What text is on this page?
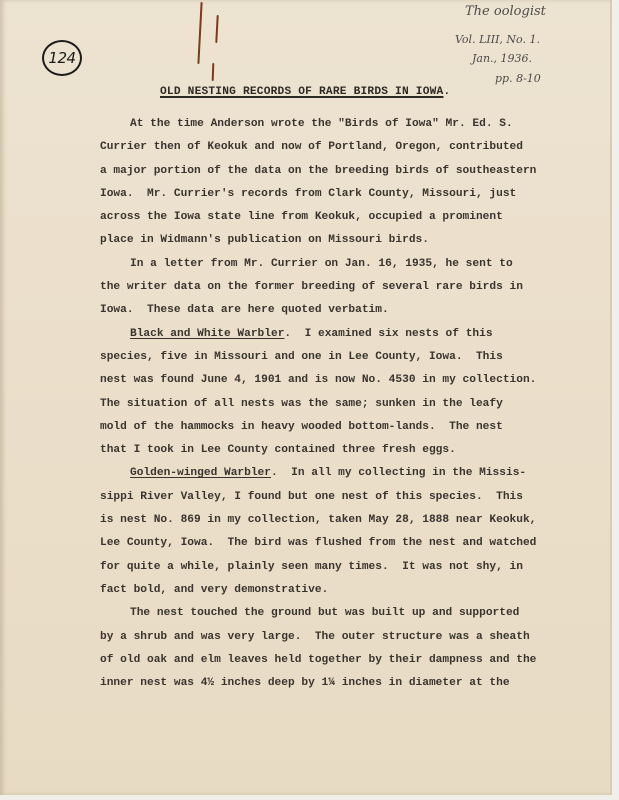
124
The oologist
Vol. LIII, No. 1.
Jan., 1936.
pp. 8-10
OLD NESTING RECORDS OF RARE BIRDS IN IOWA.
At the time Anderson wrote the "Birds of Iowa" Mr. Ed. S.
Currier then of Keokuk and now of Portland, Oregon, contributed
a major portion of the data on the breeding birds of southeastern
Iowa.  Mr. Currier's records from Clark County, Missouri, just
across the Iowa state line from Keokuk, occupied a prominent
place in Widmann's publication on Missouri birds.
In a letter from Mr. Currier on Jan. 16, 1935, he sent to
the writer data on the former breeding of several rare birds in
Iowa.  These data are here quoted verbatim.
Black and White Warbler.  I examined six nests of this
species, five in Missouri and one in Lee County, Iowa.  This
nest was found June 4, 1901 and is now No. 4530 in my collection.
The situation of all nests was the same; sunken in the leafy
mold of the hammocks in heavy wooded bottom-lands.  The nest
that I took in Lee County contained three fresh eggs.
Golden-winged Warbler.  In all my collecting in the Missis-
sippi River Valley, I found but one nest of this species.  This
is nest No. 869 in my collection, taken May 28, 1888 near Keokuk,
Lee County, Iowa.  The bird was flushed from the nest and watched
for quite a while, plainly seen many times.  It was not shy, in
fact bold, and very demonstrative.
The nest touched the ground but was built up and supported
by a shrub and was very large.  The outer structure was a sheath
of old oak and elm leaves held together by their dampness and the
inner nest was 4½ inches deep by 1¼ inches in diameter at the
